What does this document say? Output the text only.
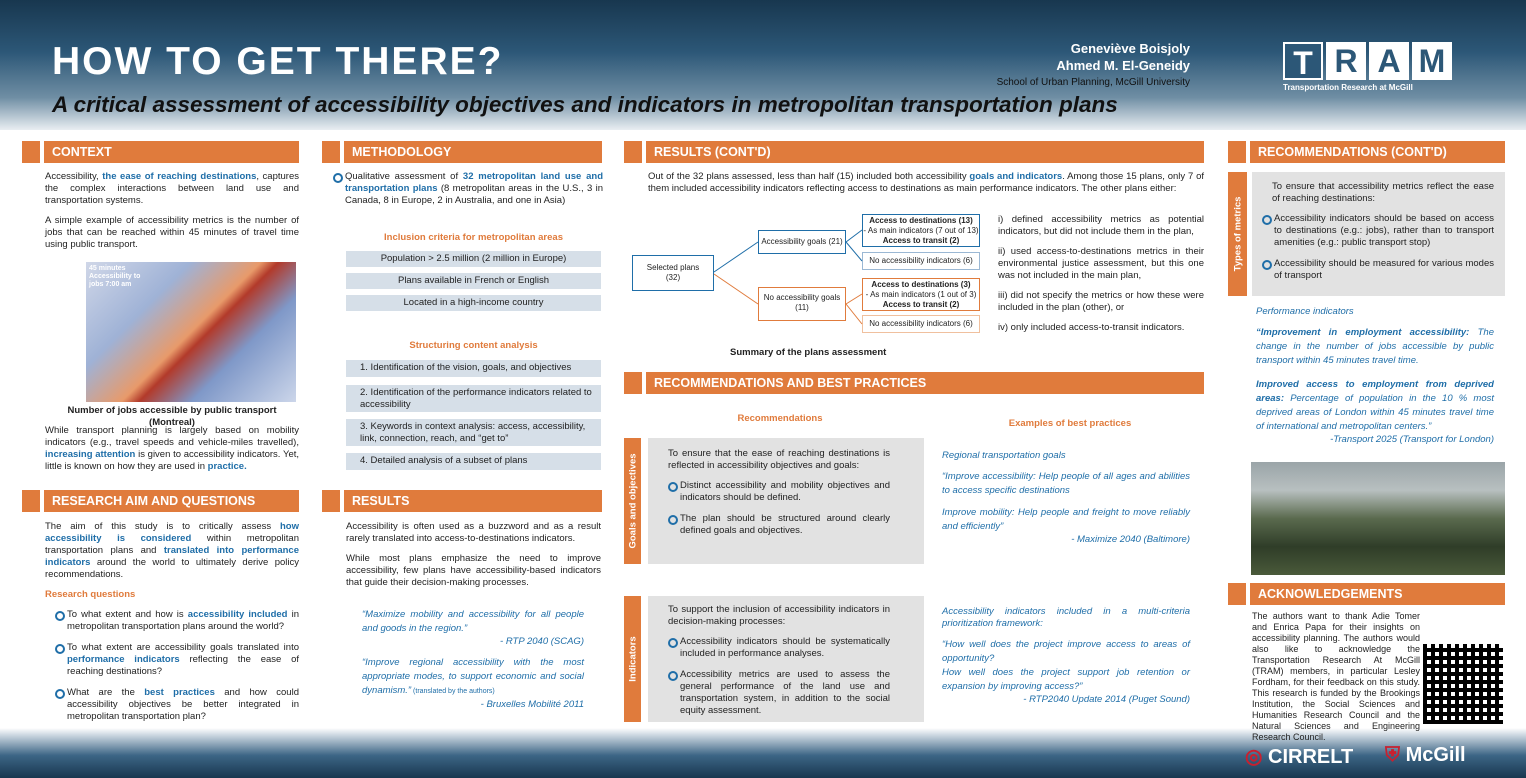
HOW TO GET THERE?
A critical assessment of accessibility objectives and indicators in metropolitan transportation plans
Geneviève Boisjoly
Ahmed M. El-Geneidy
School of Urban Planning, McGill University
T R A M
Transportation Research at McGill
CONTEXT

Accessibility, the ease of reaching destinations, captures the complex interactions between land use and transportation systems.

A simple example of accessibility metrics is the number of jobs that can be reached within 45 minutes of travel time using public transport.

45 minutes Accessibility to jobs 7:00 am
Number of jobs accessible by public transport (Montreal)

While transport planning is largely based on mobility indicators (e.g., travel speeds and vehicle-miles travelled), increasing attention is given to accessibility indicators. Yet, little is known on how they are used in practice.

RESEARCH AIM AND QUESTIONS

The aim of this study is to critically assess how accessibility is considered within metropolitan transportation plans and translated into performance indicators around the world to ultimately derive policy recommendations.

Research questions
To what extent and how is accessibility included in metropolitan transportation plans around the world?
To what extent are accessibility goals translated into performance indicators reflecting the ease of reaching destinations?
What are the best practices and how could accessibility objectives be better integrated in metropolitan transportation plan?
METHODOLOGY
Qualitative assessment of 32 metropolitan land use and transportation plans (8 metropolitan areas in the U.S., 3 in Canada, 8 in Europe, 2 in Australia, and one in Asia)
Inclusion criteria for metropolitan areas
Population > 2.5 million (2 million in Europe)
Plans available in French or English
Located in a high-income country
Structuring content analysis
1. Identification of the vision, goals, and objectives
2. Identification of the performance indicators related to accessibility
3. Keywords in context analysis: access, accessibility, link, connection, reach, and “get to”
4. Detailed analysis of a subset of plans
RESULTS

Accessibility is often used as a buzzword and as a result rarely translated into access-to-destinations indicators.

While most plans emphasize the need to improve accessibility, few plans have accessibility-based indicators that guide their decision-making processes.

“Maximize mobility and accessibility for all people and goods in the region.”
- RTP 2040 (SCAG)
“Improve regional accessibility with the most appropriate modes, to support economic and social dynamism.” (translated by the authors)
- Bruxelles Mobilité 2011
RESULTS (CONT'D)

Out of the 32 plans assessed, less than half (15) included both accessibility goals and indicators. Among those 15 plans, only 7 of them included accessibility indicators reflecting access to destinations as main performance indicators. The other plans either:

Selected plans
(32)
Accessibility goals (21)
No accessibility goals
(11)
Access to destinations (13)
- As main indicators (7 out of 13)
Access to transit (2)
No accessibility indicators (6)
Access to destinations (3)
- As main indicators (1 out of 3)
Access to transit (2)
No accessibility indicators (6)
Summary of the plans assessment

i) defined accessibility metrics as potential indicators, but did not include them in the plan,

ii) used access-to-destinations metrics in their environmental justice assessment, but this one was not included in the main plan,

iii) did not specify the metrics or how these were included in the plan (other), or

iv) only included access-to-transit indicators.

RECOMMENDATIONS AND BEST PRACTICES
Recommendations	Examples of best practices
Goals and objectives	To ensure that the ease of reaching destinations is reflected in accessibility objectives and goals:

Distinct accessibility and mobility objectives and indicators should be defined.
The plan should be structured around clearly defined goals and objectives.
Regional transportation goals
“Improve accessibility: Help people of all ages and abilities to access specific destinations
Improve mobility: Help people and freight to move reliably and efficiently”
- Maximize 2040 (Baltimore)
Indicators

To support the inclusion of accessibility indicators in decision-making processes:

Accessibility indicators should be systematically included in performance analyses.
Accessibility metrics are used to assess the general performance of the land use and transportation system, in addition to the social equity assessment.
Accessibility indicators included in a multi-criteria prioritization framework:
“How well does the project improve access to areas of opportunity?
How well does the project support job retention or expansion by improving access?”
- RTP2040 Update 2014 (Puget Sound)
RECOMMENDATIONS (CONT'D)
Types of metrics

To ensure that accessibility metrics reflect the ease of reaching destinations:

Accessibility indicators should be based on access to destinations (e.g.: jobs), rather than to transport amenities (e.g.: public transport stop)
Accessibility should be measured for various modes of transport
Performance indicators
“Improvement in employment accessibility: The change in the number of jobs accessible by public transport within 45 minutes travel time.
Improved access to employment from deprived areas: Percentage of population in the 10 % most deprived areas of London within 45 minutes travel time of international and metropolitan centers.”
-Transport 2025 (Transport for London)
ACKNOWLEDGEMENTS
The authors want to thank Adie Tomer and Enrica Papa for their insights on accessibility planning. The authors would also like to acknowledge the Transportation Research At McGill (TRAM) members, in particular Lesley Fordham, for their feedback on this study. This research is funded by the Brookings Institution, the Social Sciences and Humanities Research Council and the Natural Sciences and Engineering Research Council.
◎ CIRRELT ⛨ McGill
